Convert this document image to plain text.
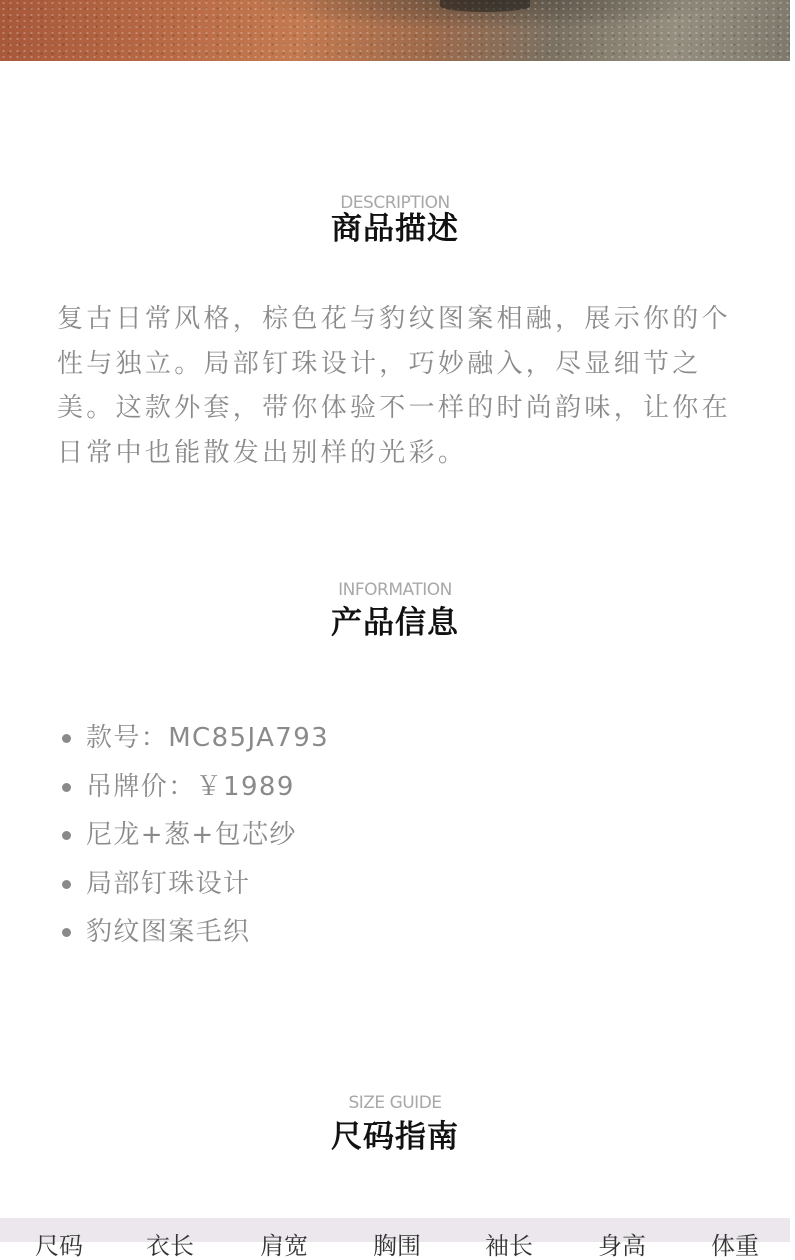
DESCRIPTION
商品描述
复古日常风格，棕色花与豹纹图案相融，展示你的个性与独立。局部钉珠设计，巧妙融入，尽显细节之美。这款外套，带你体验不一样的时尚韵味，让你在日常中也能散发出别样的光彩。
INFORMATION
产品信息
款号：MC85JA793
吊牌价：￥1989
尼龙+葱+包芯纱
局部钉珠设计
豹纹图案毛织
SIZE GUIDE
尺码指南
尺码	衣长	肩宽	胸围	袖长	身高	体重
